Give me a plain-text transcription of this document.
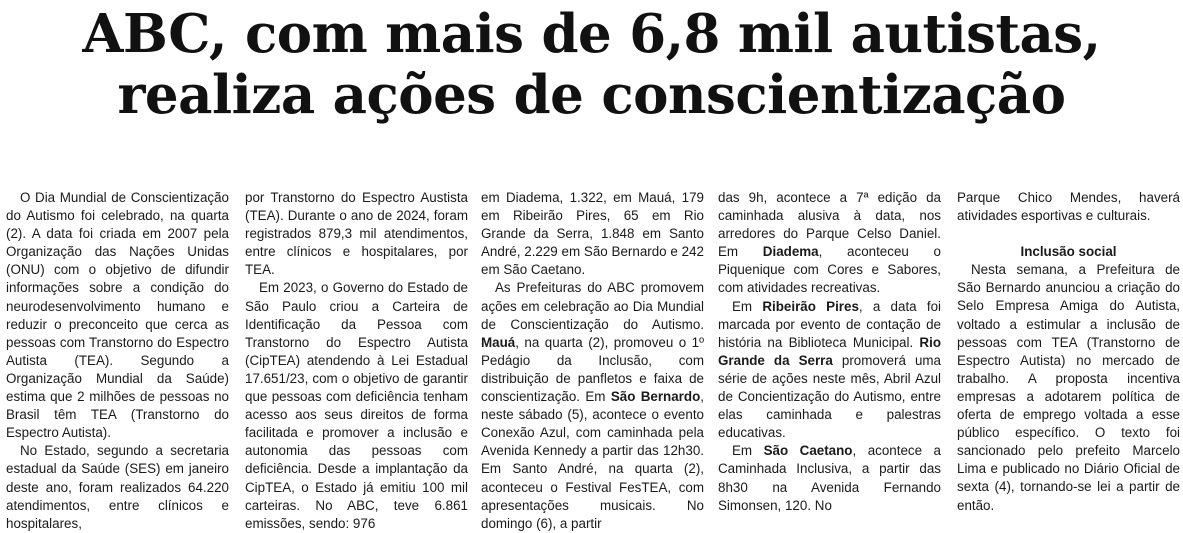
ABC, com mais de 6,8 mil autistas,
realiza ações de conscientização

O Dia Mundial de Conscientização do Autismo foi celebrado, na quarta (2). A data foi criada em 2007 pela Organização das Nações Unidas (ONU) com o objetivo de difundir informações sobre a condição do neurodesenvolvimento humano e reduzir o preconceito que cerca as pessoas com Transtorno do Espectro Autista (TEA). Segundo a Organização Mundial da Saúde) estima que 2 milhões de pessoas no Brasil têm TEA (Transtorno do Espectro Autista).

No Estado, segundo a secretaria estadual da Saúde (SES) em janeiro deste ano, foram realizados 64.220 atendimentos, entre clínicos e hospitalares,

por Transtorno do Espectro Austista (TEA). Durante o ano de 2024, foram registrados 879,3 mil atendimentos, entre clínicos e hospitalares, por TEA.

Em 2023, o Governo do Estado de São Paulo criou a Carteira de Identificação da Pessoa com Transtorno do Espectro Autista (CipTEA) atendendo à Lei Estadual 17.651/23, com o objetivo de garantir que pessoas com deficiência tenham acesso aos seus direitos de forma facilitada e promover a inclusão e autonomia das pessoas com deficiência. Desde a implantação da CipTEA, o Estado já emitiu 100 mil carteiras. No ABC, teve 6.861 emissões, sendo: 976

em Diadema, 1.322, em Mauá, 179 em Ribeirão Pires, 65 em Rio Grande da Serra, 1.848 em Santo André, 2.229 em São Bernardo e 242 em São Caetano.

As Prefeituras do ABC promovem ações em celebração ao Dia Mundial de Conscientização do Autismo. Mauá, na quarta (2), promoveu o 1º Pedágio da Inclusão, com distribuição de panfletos e faixa de conscientização. Em São Bernardo, neste sábado (5), acontece o evento Conexão Azul, com caminhada pela Avenida Kennedy a partir das 12h30. Em Santo André, na quarta (2), aconteceu o Festival FesTEA, com apresentações musicais. No domingo (6), a partir

das 9h, acontece a 7ª edição da caminhada alusiva à data, nos arredores do Parque Celso Daniel. Em Diadema, aconteceu o Piquenique com Cores e Sabores, com atividades recreativas.

Em Ribeirão Pires, a data foi marcada por evento de contação de história na Biblioteca Municipal. Rio Grande da Serra promoverá uma série de ações neste mês, Abril Azul de Concientização do Autismo, entre elas caminhada e palestras educativas.

Em São Caetano, acontece a Caminhada Inclusiva, a partir das 8h30 na Avenida Fernando Simonsen, 120. No

Parque Chico Mendes, haverá atividades esportivas e culturais.

Inclusão social

Nesta semana, a Prefeitura de São Bernardo anunciou a criação do Selo Empresa Amiga do Autista, voltado a estimular a inclusão de pessoas com TEA (Transtorno de Espectro Autista) no mercado de trabalho. A proposta incentiva empresas a adotarem política de oferta de emprego voltada a esse público específico. O texto foi sancionado pelo prefeito Marcelo Lima e publicado no Diário Oficial de sexta (4), tornando-se lei a partir de então.
